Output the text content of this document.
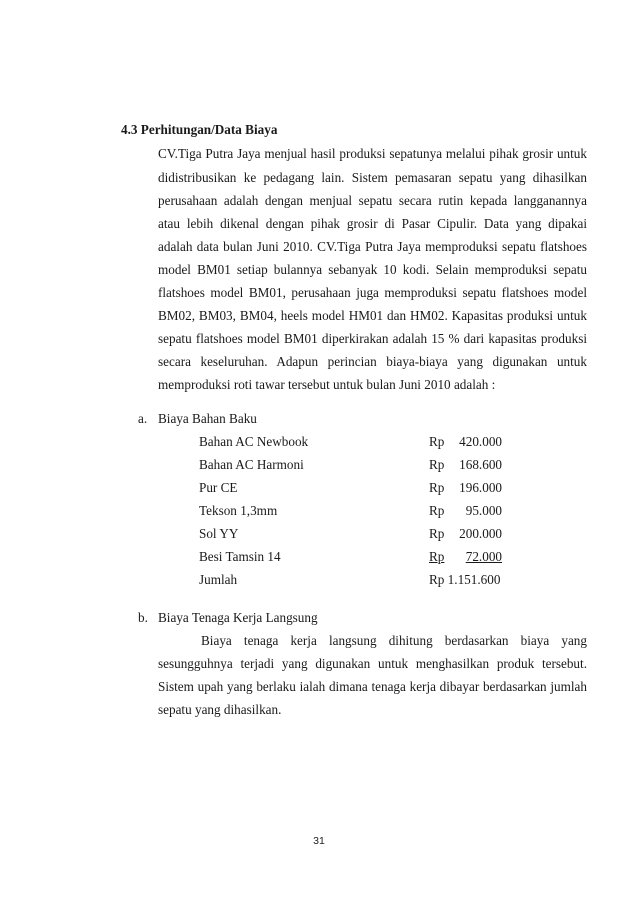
4.3 Perhitungan/Data Biaya
CV.Tiga Putra Jaya menjual hasil produksi sepatunya melalui pihak grosir untuk
didistribusikan ke pedagang lain. Sistem pemasaran sepatu yang dihasilkan
perusahaan adalah dengan menjual sepatu secara rutin kepada langganannya
atau lebih dikenal dengan pihak grosir di Pasar Cipulir. Data yang dipakai
adalah data bulan Juni 2010. CV.Tiga Putra Jaya memproduksi sepatu flatshoes
model BM01 setiap bulannya sebanyak 10 kodi. Selain memproduksi sepatu
flatshoes model BM01, perusahaan juga memproduksi sepatu flatshoes model
BM02, BM03, BM04, heels model HM01 dan HM02. Kapasitas produksi untuk
sepatu flatshoes model BM01 diperkirakan adalah 15 % dari kapasitas produksi
secara keseluruhan. Adapun perincian biaya-biaya yang digunakan untuk
memproduksi roti tawar tersebut untuk bulan Juni 2010 adalah :
a. Biaya Bahan Baku
Bahan AC Newbook	Rp	420.000
Bahan AC Harmoni	Rp	168.600
Pur CE	Rp	196.000
Tekson 1,3mm	Rp	95.000
Sol YY	Rp	200.000
Besi Tamsin 14	Rp	72.000
Jumlah	Rp 1.151.600
b. Biaya Tenaga Kerja Langsung
Biaya tenaga kerja langsung dihitung berdasarkan biaya yang
sesungguhnya terjadi yang digunakan untuk menghasilkan produk tersebut.
Sistem upah yang berlaku ialah dimana tenaga kerja dibayar berdasarkan jumlah
sepatu yang dihasilkan.
31
